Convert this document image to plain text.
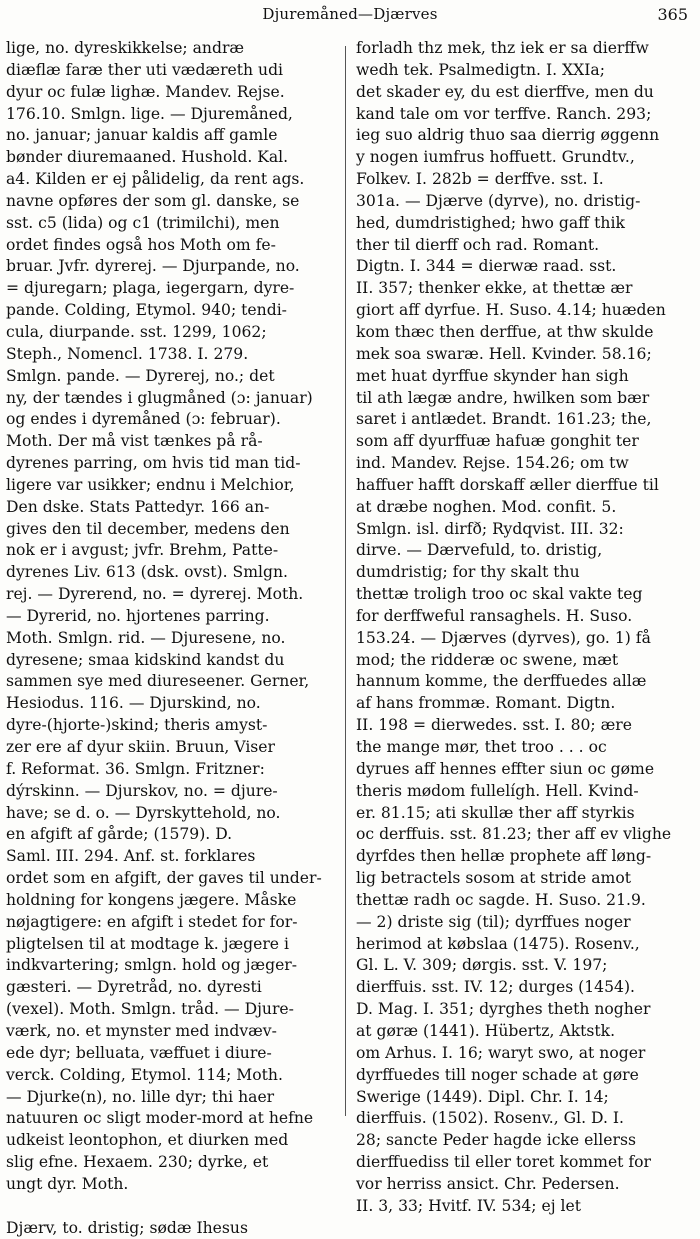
Djuremåned—Djærves	365
lige, no. dyreskikkelse; andræ
diæflæ faræ ther uti vædæreth udi
dyur oc fulæ lighæ. Mandev. Rejse.
176.10. Smlgn. lige. — Djuremåned,
no. januar; januar kaldis aff gamle
bønder diuremaaned. Hushold. Kal.
a4. Kilden er ej pålidelig, da rent ags.
navne opføres der som gl. danske, se
sst. c5 (lida) og c1 (trimilchi), men
ordet findes også hos Moth om fe-
bruar. Jvfr. dyrerej. — Djurpande, no.
= djuregarn; plaga, iegergarn, dyre-
pande. Colding, Etymol. 940; tendi-
cula, diurpande. sst. 1299, 1062;
Steph., Nomencl. 1738. I. 279.
Smlgn. pande. — Dyrerej, no.; det
ny, der tændes i glugmåned (ɔ: januar)
og endes i dyremåned (ɔ: februar).
Moth. Der må vist tænkes på rå-
dyrenes parring, om hvis tid man tid-
ligere var usikker; endnu i Melchior,
Den dske. Stats Pattedyr. 166 an-
gives den til december, medens den
nok er i avgust; jvfr. Brehm, Patte-
dyrenes Liv. 613 (dsk. ovst). Smlgn.
rej. — Dyrerend, no. = dyrerej. Moth.
— Dyrerid, no. hjortenes parring.
Moth. Smlgn. rid. — Djuresene, no.
dyresene; smaa kidskind kandst du
sammen sye med diureseener. Gerner,
Hesiodus. 116. — Djurskind, no.
dyre-(hjorte-)skind; theris amyst-
zer ere af dyur skiin. Bruun, Viser
f. Reformat. 36. Smlgn. Fritzner:
dýrskinn. — Djurskov, no. = djure-
have; se d. o. — Dyrskyttehold, no.
en afgift af gårde; (1579). D.
Saml. III. 294. Anf. st. forklares
ordet som en afgift, der gaves til under-
holdning for kongens jægere. Måske
nøjagtigere: en afgift i stedet for for-
pligtelsen til at modtage k. jægere i
indkvartering; smlgn. hold og jæger-
gæsteri. — Dyretråd, no. dyresti
(vexel). Moth. Smlgn. tråd. — Djure-
værk, no. et mynster med indvæv-
ede dyr; belluata, væffuet i diure-
verck. Colding, Etymol. 114; Moth.
— Djurke(n), no. lille dyr; thi haer
natuuren oc sligt moder-mord at hefne
udkeist leontophon, et diurken med
slig efne. Hexaem. 230; dyrke, et
ungt dyr. Moth.
Djærv, to. dristig; sødæ Ihesus
forladh thz mek, thz iek er sa dierffw
wedh tek. Psalmedigtn. I. XXIa;
det skader ey, du est dierffve, men du
kand tale om vor terffve. Ranch. 293;
ieg suo aldrig thuo saa dierrig øggenn
y nogen iumfrus hoffuett. Grundtv.,
Folkev. I. 282b = derffve. sst. I.
301a. — Djærve (dyrve), no. dristig-
hed, dumdristighed; hwo gaff thik
ther til dierff och rad. Romant.
Digtn. I. 344 = dierwæ raad. sst.
II. 357; thenker ekke, at thettæ ær
giort aff dyrfue. H. Suso. 4.14; huæden
kom thæc then derffue, at thw skulde
mek soa swaræ. Hell. Kvinder. 58.16;
met huat dyrffue skynder han sigh
til ath lægæ andre, hwilken som bær
saret i antlædet. Brandt. 161.23; the,
som aff dyurffuæ hafuæ gonghit ter
ind. Mandev. Rejse. 154.26; om tw
haffuer hafft dorskaff æller dierffue til
at dræbe noghen. Mod. confit. 5.
Smlgn. isl. dirfð; Rydqvist. III. 32:
dirve. — Dærvefuld, to. dristig,
dumdristig; for thy skalt thu
thettæ troligh troo oc skal vakte teg
for derffweful ransaghels. H. Suso.
153.24. — Djærves (dyrves), go. 1) få
mod; the ridderæ oc swene, mæt
hannum komme, the derffuedes allæ
af hans frommæ. Romant. Digtn.
II. 198 = dierwedes. sst. I. 80; ære
the mange mør, thet troo . . . oc
dyrues aff hennes effter siun oc gøme
theris mødom fullelígh. Hell. Kvind-
er. 81.15; ati skullæ ther aff styrkis
oc derffuis. sst. 81.23; ther aff ev vlighe
dyrfdes then hellæ prophete aff løng-
lig betractels sosom at stride amot
thettæ radh oc sagde. H. Suso. 21.9.
— 2) driste sig (til); dyrffues noger
herimod at købslaa (1475). Rosenv.,
Gl. L. V. 309; dørgis. sst. V. 197;
dierffuis. sst. IV. 12; durges (1454).
D. Mag. I. 351; dyrghes theth nogher
at gøræ (1441). Hübertz, Aktstk.
om Arhus. I. 16; waryt swo, at noger
dyrffuedes till noger schade at gøre
Swerige (1449). Dipl. Chr. I. 14;
dierffuis. (1502). Rosenv., Gl. D. I.
28; sancte Peder hagde icke ellerss
dierffuediss til eller toret kommet for
vor herriss ansict. Chr. Pedersen.
II. 3, 33; Hvitf. IV. 534; ej let
